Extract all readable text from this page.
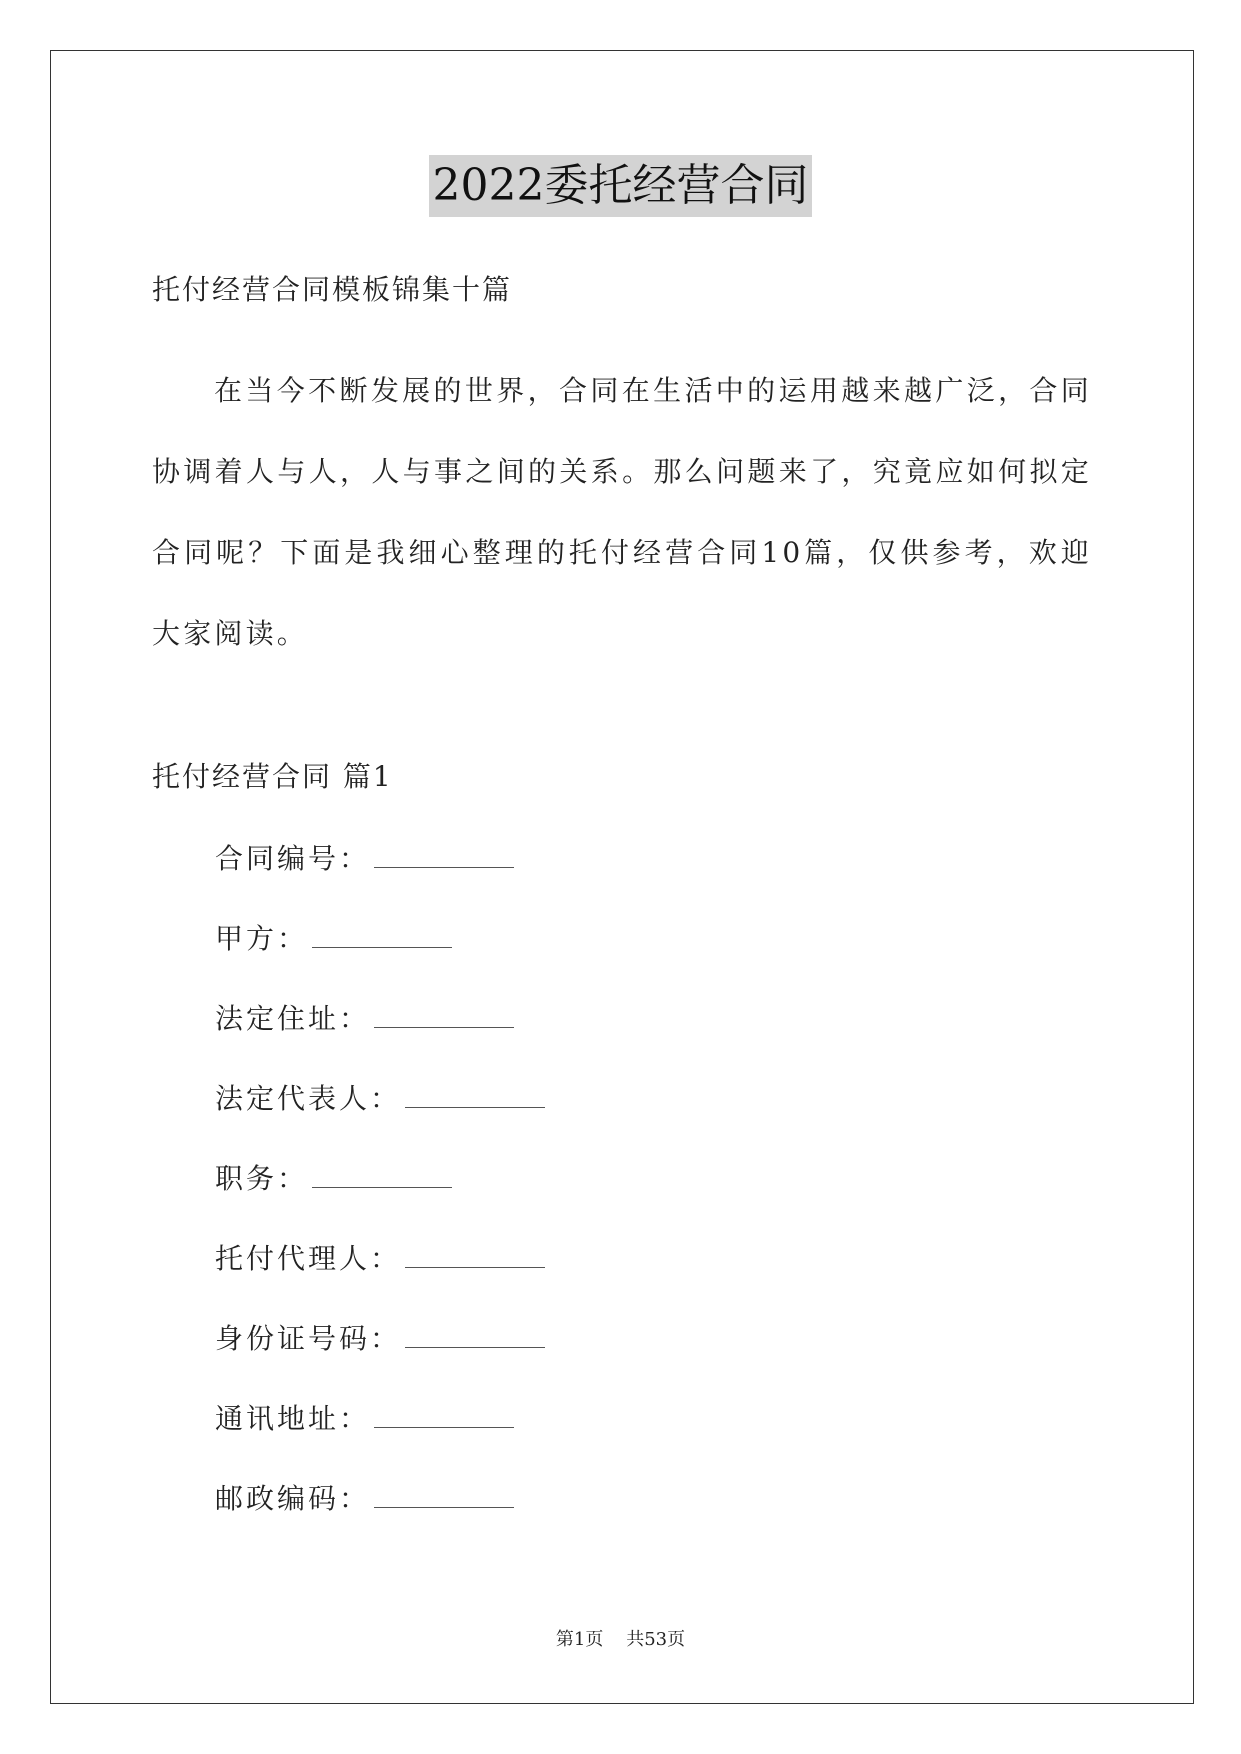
2022委托经营合同
托付经营合同模板锦集十篇

在当今不断发展的世界，合同在生活中的运用越来越广泛，合同协调着人与人，人与事之间的关系。那么问题来了，究竟应如何拟定合同呢？下面是我细心整理的托付经营合同10篇，仅供参考，欢迎大家阅读。

托付经营合同 篇1
合同编号：
甲方：
法定住址：
法定代表人：
职务：
托付代理人：
身份证号码：
通讯地址：
邮政编码：
第1页    共53页
